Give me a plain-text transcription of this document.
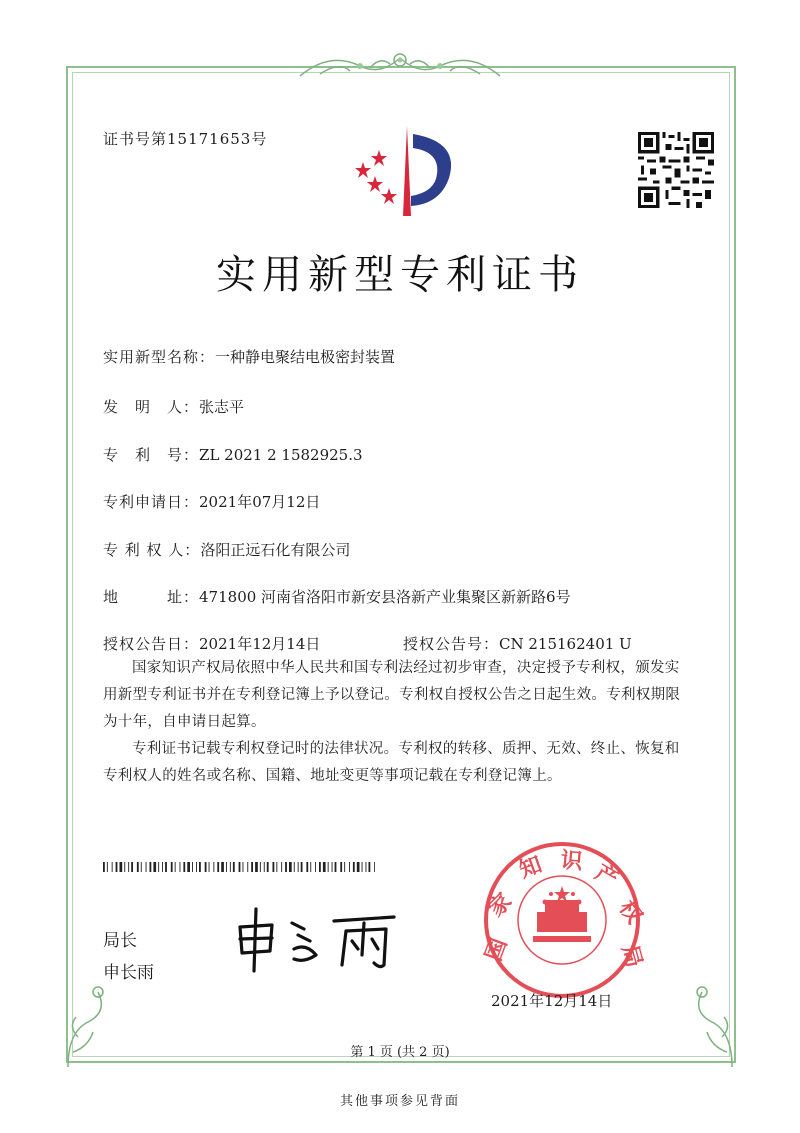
证书号第15171653号
实用新型专利证书
实用新型名称：一种静电聚结电极密封装置
发　明　人：张志平
专　利　号：ZL 2021 2 1582925.3
专利申请日：2021年07月12日
专 利 权 人：洛阳正远石化有限公司
地　　　址：471800 河南省洛阳市新安县洛新产业集聚区新新路6号
授权公告日：2021年12月14日	授权公告号：CN 215162401 U
国家知识产权局依照中华人民共和国专利法经过初步审查，决定授予专利权，颁发实用新型专利证书并在专利登记簿上予以登记。专利权自授权公告之日起生效。专利权期限为十年，自申请日起算。
专利证书记载专利权登记时的法律状况。专利权的转移、质押、无效、终止、恢复和专利权人的姓名或名称、国籍、地址变更等事项记载在专利登记簿上。
局长
申长雨
国
家
知 识 产
权
局
2021年12月14日
第 1 页 (共 2 页)
其他事项参见背面
